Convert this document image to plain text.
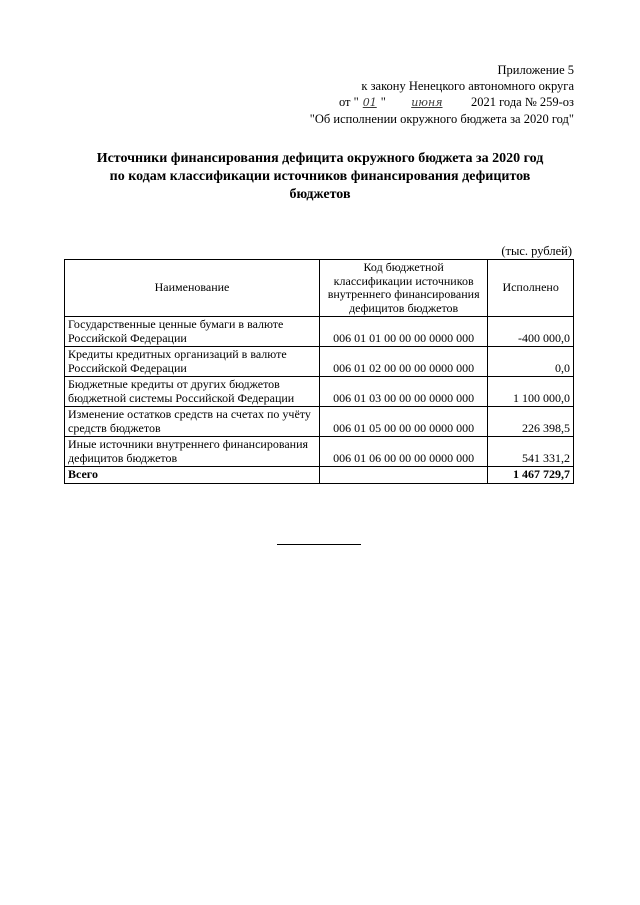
Приложение 5
к закону Ненецкого автономного округа
от " 01 " июня 2021 года № 259-оз
"Об исполнении окружного бюджета за 2020 год"
Источники финансирования дефицита окружного бюджета за 2020 год
по кодам классификации источников финансирования дефицитов
бюджетов
(тыс. рублей)
Наименование	Код бюджетной классификации источников внутреннего финансирования дефицитов бюджетов	Исполнено
Государственные ценные бумаги в валюте Российской Федерации	006 01 01 00 00 00 0000 000	-400 000,0
Кредиты кредитных организаций в валюте Российской Федерации	006 01 02 00 00 00 0000 000	0,0
Бюджетные кредиты от других бюджетов бюджетной системы Российской Федерации	006 01 03 00 00 00 0000 000	1 100 000,0
Изменение остатков средств на счетах по учёту средств бюджетов	006 01 05 00 00 00 0000 000	226 398,5
Иные источники внутреннего финансирования дефицитов бюджетов	006 01 06 00 00 00 0000 000	541 331,2
Всего		1 467 729,7
